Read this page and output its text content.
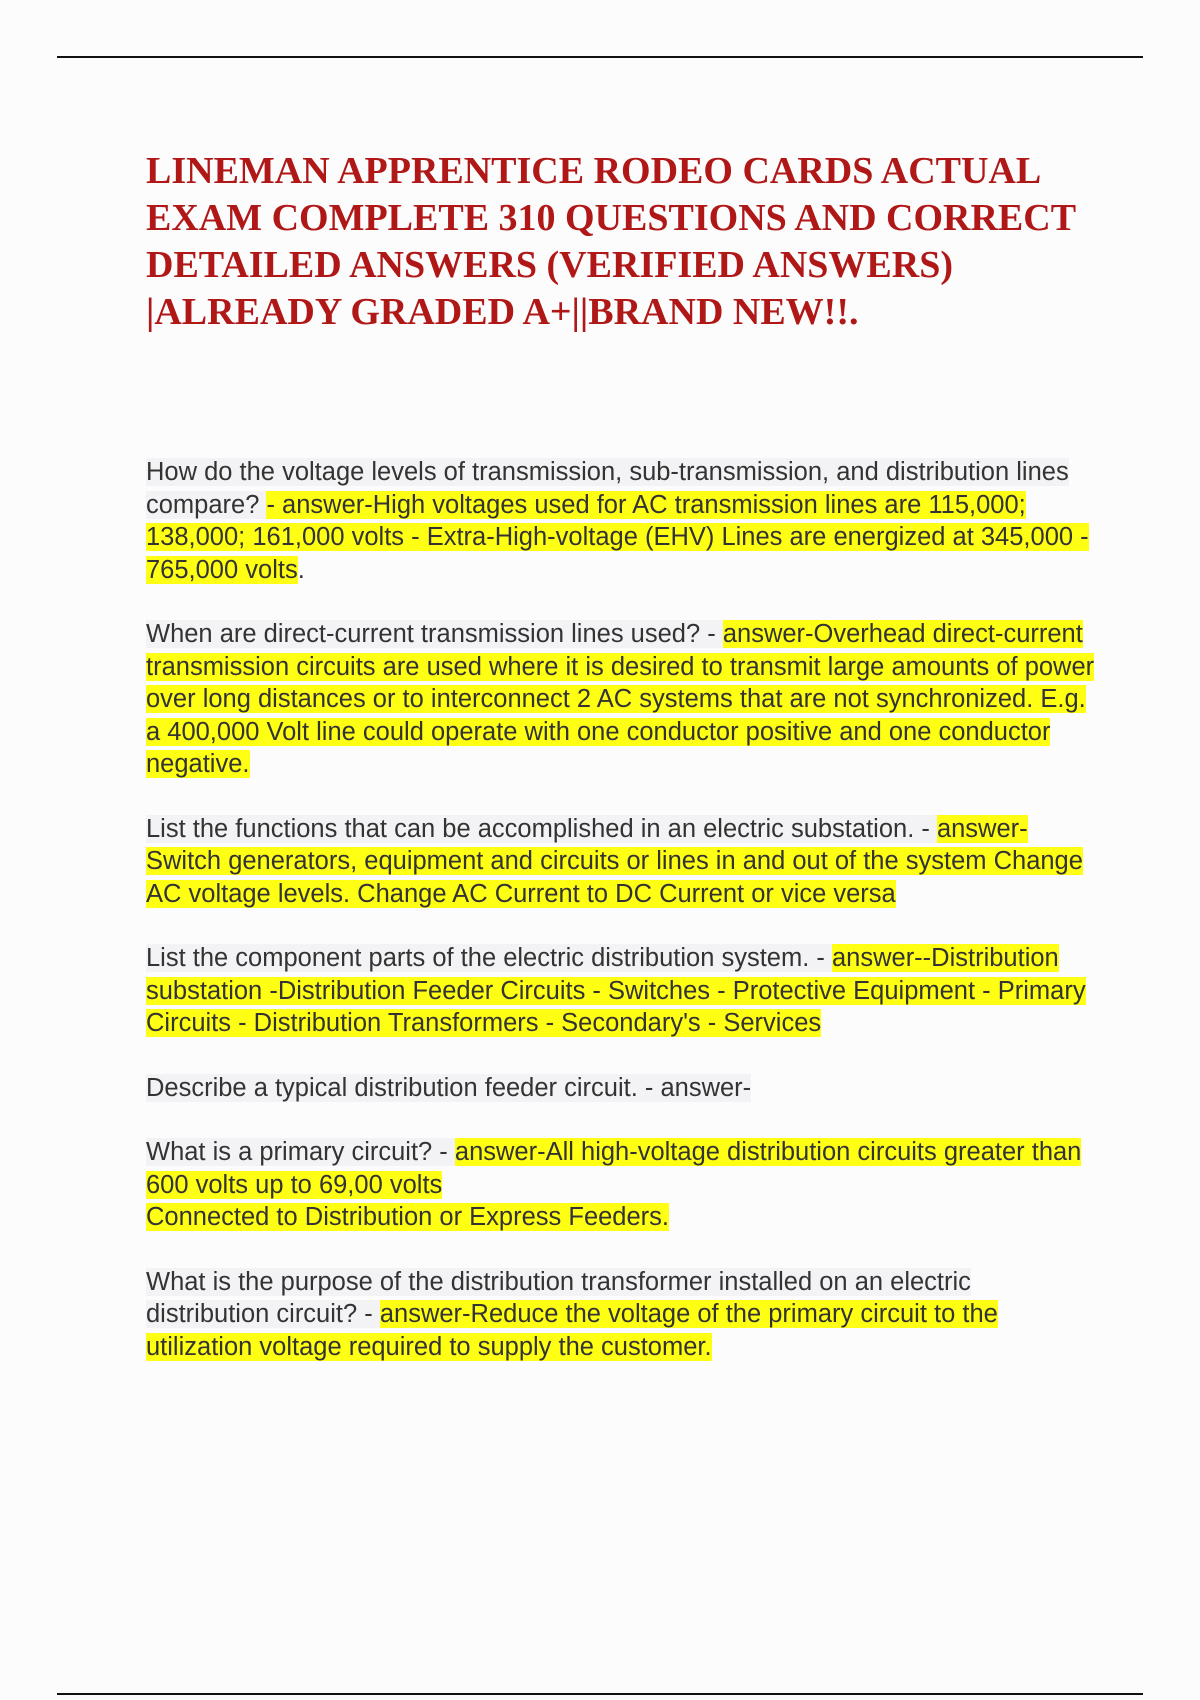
LINEMAN APPRENTICE RODEO CARDS ACTUAL EXAM COMPLETE 310 QUESTIONS AND CORRECT DETAILED ANSWERS (VERIFIED ANSWERS) |ALREADY GRADED A+||BRAND NEW!!.
How do the voltage levels of transmission, sub-transmission, and distribution lines compare? - answer-High voltages used for AC transmission lines are 115,000; 138,000; 161,000 volts - Extra-High-voltage (EHV) Lines are energized at 345,000 - 765,000 volts.
When are direct-current transmission lines used? - answer-Overhead direct-current transmission circuits are used where it is desired to transmit large amounts of power over long distances or to interconnect 2 AC systems that are not synchronized. E.g. a 400,000 Volt line could operate with one conductor positive and one conductor negative.
List the functions that can be accomplished in an electric substation. - answer-Switch generators, equipment and circuits or lines in and out of the system Change AC voltage levels. Change AC Current to DC Current or vice versa
List the component parts of the electric distribution system. - answer--Distribution substation -Distribution Feeder Circuits - Switches - Protective Equipment - Primary Circuits - Distribution Transformers - Secondary's - Services
Describe a typical distribution feeder circuit. - answer-
What is a primary circuit? - answer-All high-voltage distribution circuits greater than 600 volts up to 69,00 volts
Connected to Distribution or Express Feeders.
What is the purpose of the distribution transformer installed on an electric distribution circuit? - answer-Reduce the voltage of the primary circuit to the utilization voltage required to supply the customer.
